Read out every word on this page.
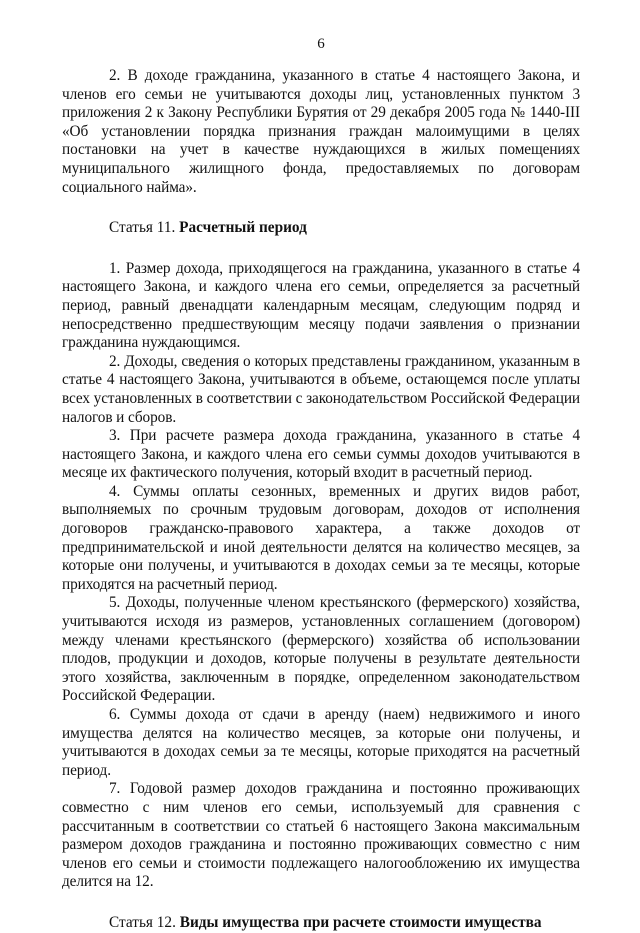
6

2. В доходе гражданина, указанного в статье 4 настоящего Закона, и членов его семьи не учитываются доходы лиц, установленных пунктом 3 приложения 2 к Закону Республики Бурятия от 29 декабря 2005 года № 1440-III «Об установлении порядка признания граждан малоимущими в целях постановки на учет в качестве нуждающихся в жилых помещениях муниципального жилищного фонда, предоставляемых по договорам социального найма».

Статья 11. Расчетный период

1. Размер дохода, приходящегося на гражданина, указанного в статье 4 настоящего Закона, и каждого члена его семьи, определяется за расчетный период, равный двенадцати календарным месяцам, следующим подряд и непосредственно предшествующим месяцу подачи заявления о признании гражданина нуждающимся.

2. Доходы, сведения о которых представлены гражданином, указанным в статье 4 настоящего Закона, учитываются в объеме, остающемся после уплаты всех установленных в соответствии с законодательством Российской Федерации налогов и сборов.

3. При расчете размера дохода гражданина, указанного в статье 4 настоящего Закона, и каждого члена его семьи суммы доходов учитываются в месяце их фактического получения, который входит в расчетный период.

4. Суммы оплаты сезонных, временных и других видов работ, выполняемых по срочным трудовым договорам, доходов от исполнения договоров гражданско-правового характера, а также доходов от предпринимательской и иной деятельности делятся на количество месяцев, за которые они получены, и учитываются в доходах семьи за те месяцы, которые приходятся на расчетный период.

5. Доходы, полученные членом крестьянского (фермерского) хозяйства, учитываются исходя из размеров, установленных соглашением (договором) между членами крестьянского (фермерского) хозяйства об использовании плодов, продукции и доходов, которые получены в результате деятельности этого хозяйства, заключенным в порядке, определенном законодательством Российской Федерации.

6. Суммы дохода от сдачи в аренду (наем) недвижимого и иного имущества делятся на количество месяцев, за которые они получены, и учитываются в доходах семьи за те месяцы, которые приходятся на расчетный период.

7. Годовой размер доходов гражданина и постоянно проживающих совместно с ним членов его семьи, используемый для сравнения с рассчитанным в соответствии со статьей 6 настоящего Закона максимальным размером доходов гражданина и постоянно проживающих совместно с ним членов его семьи и стоимости подлежащего налогообложению их имущества делится на 12.

Статья 12. Виды имущества при расчете стоимости имущества
